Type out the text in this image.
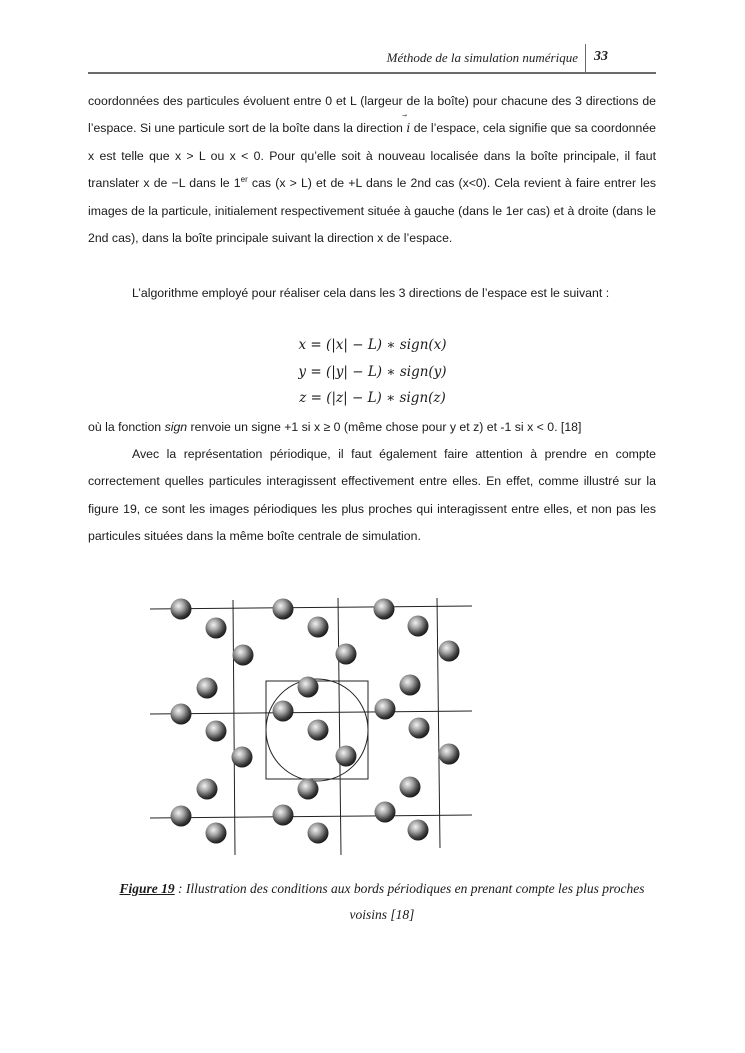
Méthode de la simulation numérique 33
coordonnées des particules évoluent entre 0 et L (largeur de la boîte) pour chacune des 3 directions de l’espace. Si une particule sort de la boîte dans la direction ⃗ i de l’espace, cela signifie que sa coordonnée x est telle que x > L ou x < 0. Pour qu’elle soit à nouveau localisée dans la boîte principale, il faut translater x de −L dans le 1er cas (x > L) et de +L dans le 2nd cas (x<0). Cela revient à faire entrer les images de la particule, initialement respectivement située à gauche (dans le 1er cas) et à droite (dans le 2nd cas), dans la boîte principale suivant la direction x de l’espace.
L’algorithme employé pour réaliser cela dans les 3 directions de l’espace est le suivant :
x = (|x| − L) ∗ sign(x)
y = (|y| − L) ∗ sign(y)
z = (|z| − L) ∗ sign(z)
où la fonction sign renvoie un signe +1 si x ≥ 0 (même chose pour y et z) et -1 si x < 0. [18]
Avec la représentation périodique, il faut également faire attention à prendre en compte correctement quelles particules interagissent effectivement entre elles. En effet, comme illustré sur la figure 19, ce sont les images périodiques les plus proches qui interagissent entre elles, et non pas les particules situées dans la même boîte centrale de simulation.
Figure 19 : Illustration des conditions aux bords périodiques en prenant compte les plus proches voisins [18]
